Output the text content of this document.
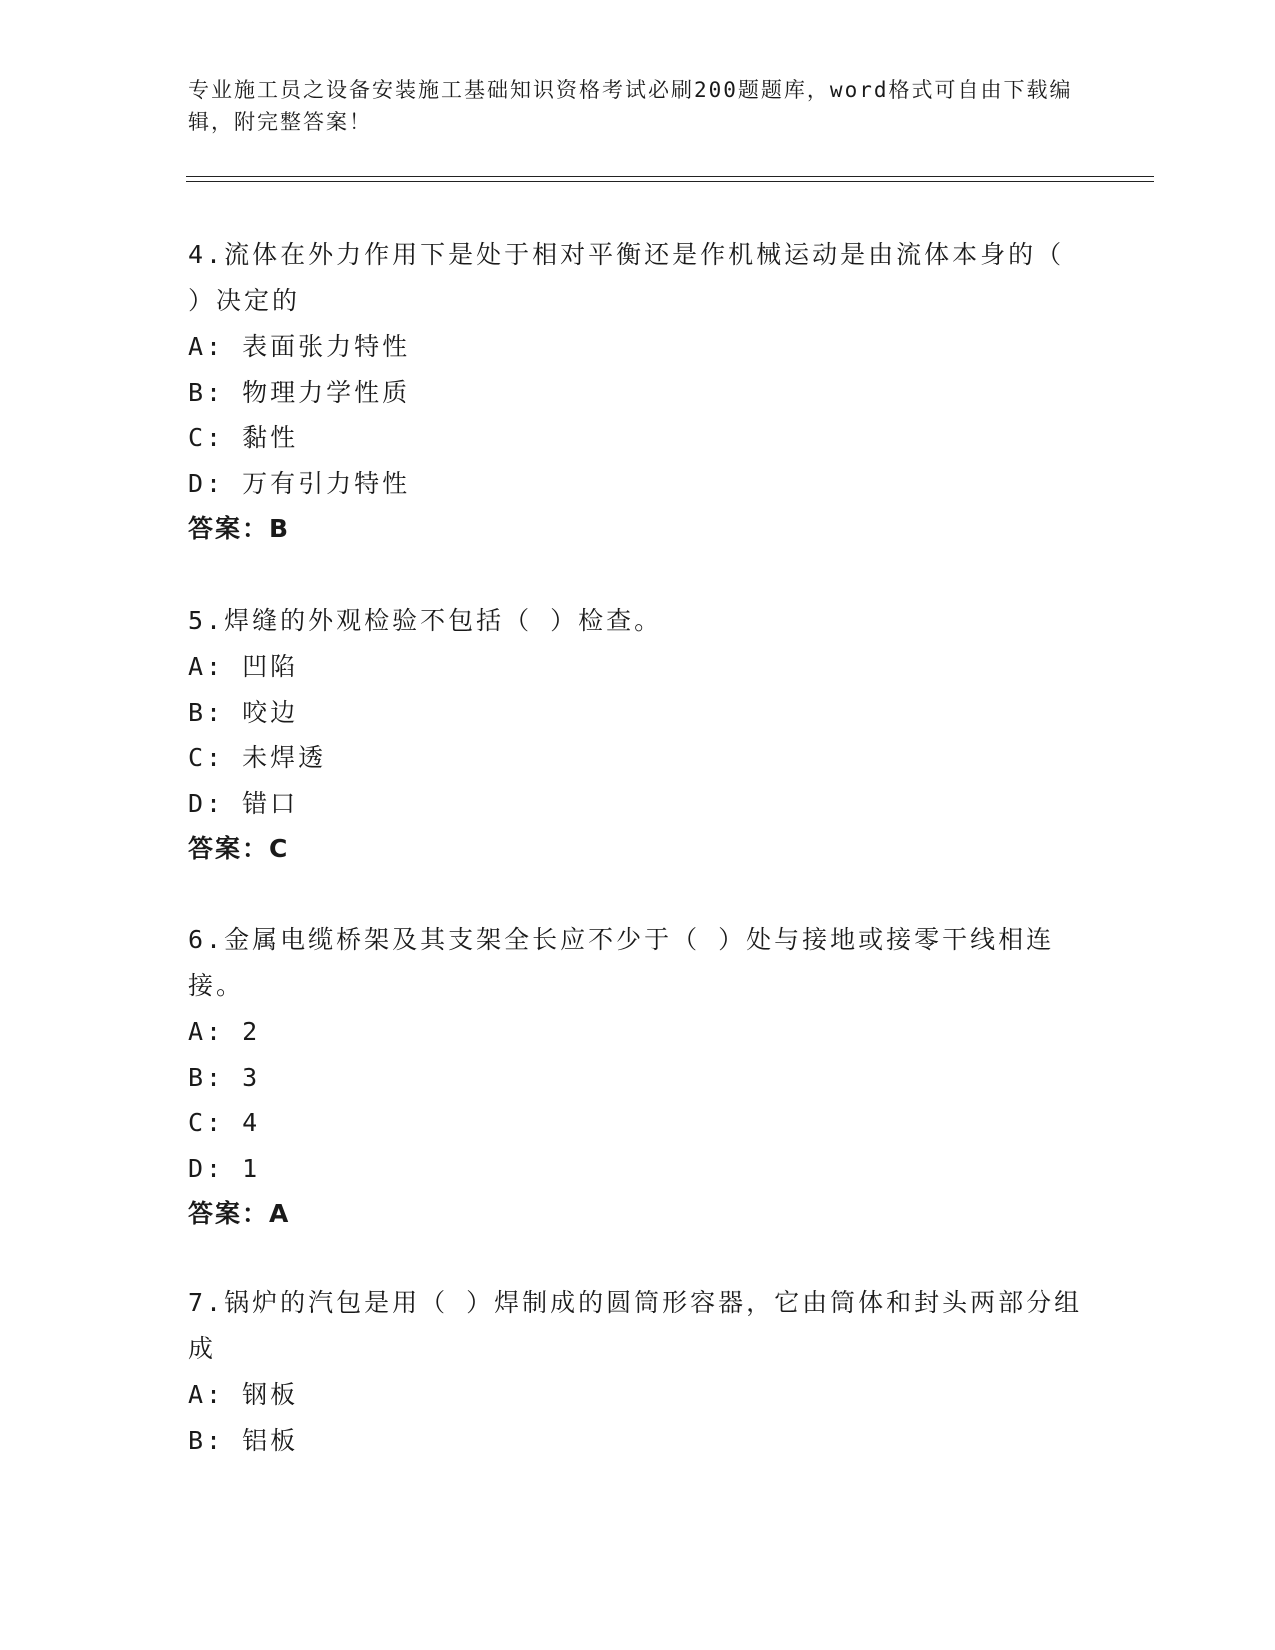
专业施工员之设备安装施工基础知识资格考试必刷200题题库，word格式可自由下载编辑，附完整答案！
4.流体在外力作用下是处于相对平衡还是作机械运动是由流体本身的（ ）决定的
A: 表面张力特性
B: 物理力学性质
C: 黏性
D: 万有引力特性
答案：B
5.焊缝的外观检验不包括（ ）检查。
A: 凹陷
B: 咬边
C: 未焊透
D: 错口
答案：C
6.金属电缆桥架及其支架全长应不少于（ ）处与接地或接零干线相连接。
A: 2
B: 3
C: 4
D: 1
答案：A
7.锅炉的汽包是用（ ）焊制成的圆筒形容器，它由筒体和封头两部分组成
A: 钢板
B: 铝板
